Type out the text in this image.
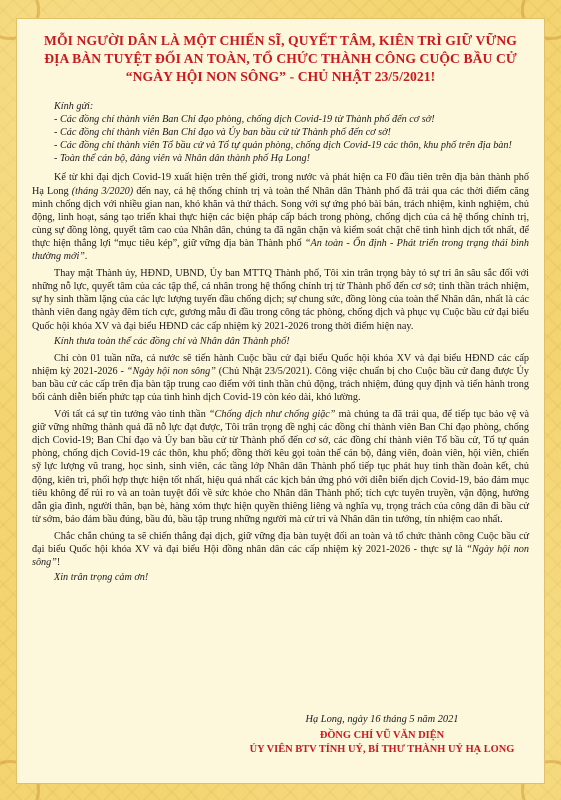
MỖI NGƯỜI DÂN LÀ MỘT CHIẾN SĨ, QUYẾT TÂM, KIÊN TRÌ GIỮ VỮNG
ĐỊA BÀN TUYỆT ĐỐI AN TOÀN, TỔ CHỨC THÀNH CÔNG CUỘC BẦU CỬ
“NGÀY HỘI NON SÔNG” - CHỦ NHẬT 23/5/2021!
Kính gửi:
- Các đồng chí thành viên Ban Chỉ đạo phòng, chống dịch Covid-19 từ Thành phố đến cơ sở!
- Các đồng chí thành viên Ban Chỉ đạo và Ủy ban bầu cử từ Thành phố đến cơ sở!
- Các đồng chí thành viên Tổ bầu cử và Tổ tự quản phòng, chống dịch Covid-19 các thôn, khu phố trên địa bàn!
- Toàn thể cán bộ, đảng viên và Nhân dân thành phố Hạ Long!
Kể từ khi đại dịch Covid-19 xuất hiện trên thế giới, trong nước và phát hiện ca F0 đầu tiên trên địa bàn thành phố Hạ Long (tháng 3/2020) đến nay, cả hệ thống chính trị và toàn thể Nhân dân Thành phố đã trải qua các thời điểm căng mình chống dịch với nhiều gian nan, khó khăn và thử thách. Song với sự ứng phó bài bản, trách nhiệm, kinh nghiệm, chủ động, linh hoạt, sáng tạo triển khai thực hiện các biện pháp cấp bách trong phòng, chống dịch của cả hệ thống chính trị, cùng sự đồng lòng, quyết tâm cao của Nhân dân, chúng ta đã ngăn chặn và kiểm soát chặt chẽ tình hình dịch tốt nhất, để thực hiện thắng lợi “mục tiêu kép”, giữ vững địa bàn Thành phố “An toàn - Ổn định - Phát triển trong trạng thái bình thường mới”.
Thay mặt Thành ủy, HĐND, UBND, Ủy ban MTTQ Thành phố, Tôi xin trân trọng bày tỏ sự tri ân sâu sắc đối với những nỗ lực, quyết tâm của các tập thể, cá nhân trong hệ thống chính trị từ Thành phố đến cơ sở; tinh thần trách nhiệm, sự hy sinh thầm lặng của các lực lượng tuyến đầu chống dịch; sự chung sức, đồng lòng của toàn thể Nhân dân, nhất là các thành viên đang ngày đêm tích cực, gương mẫu đi đầu trong công tác phòng, chống dịch và phục vụ Cuộc bầu cử đại biểu Quốc hội khóa XV và đại biểu HĐND các cấp nhiệm kỳ 2021-2026 trong thời điểm hiện nay.
Kính thưa toàn thể các đồng chí và Nhân dân Thành phố!
Chỉ còn 01 tuần nữa, cả nước sẽ tiến hành Cuộc bầu cử đại biểu Quốc hội khóa XV và đại biểu HĐND các cấp nhiệm kỳ 2021-2026 - “Ngày hội non sông” (Chủ Nhật 23/5/2021). Công việc chuẩn bị cho Cuộc bầu cử đang được Ủy ban bầu cử các cấp trên địa bàn tập trung cao điểm với tinh thần chủ động, trách nhiệm, đúng quy định và tiến hành trong bối cảnh diễn biến phức tạp của tình hình dịch Covid-19 còn kéo dài, khó lường.
Với tất cả sự tin tưởng vào tinh thần “Chống dịch như chống giặc” mà chúng ta đã trải qua, để tiếp tục bảo vệ và giữ vững những thành quả đã nỗ lực đạt được, Tôi trân trọng đề nghị các đồng chí thành viên Ban Chỉ đạo phòng, chống dịch Covid-19; Ban Chỉ đạo và Ủy ban bầu cử từ Thành phố đến cơ sở, các đồng chí thành viên Tổ bầu cử, Tổ tự quản phòng, chống dịch Covid-19 các thôn, khu phố; đồng thời kêu gọi toàn thể cán bộ, đảng viên, đoàn viên, hội viên, chiến sỹ lực lượng vũ trang, học sinh, sinh viên, các tầng lớp Nhân dân Thành phố tiếp tục phát huy tinh thần đoàn kết, chủ động, kiên trì, phối hợp thực hiện tốt nhất, hiệu quả nhất các kịch bản ứng phó với diễn biến dịch Covid-19, bảo đảm mục tiêu không để rủi ro và an toàn tuyệt đối về sức khỏe cho Nhân dân Thành phố; tích cực tuyên truyền, vận động, hướng dẫn gia đình, người thân, bạn bè, hàng xóm thực hiện quyền thiêng liêng và nghĩa vụ, trọng trách của công dân đi bầu cử từ sớm, bảo đảm bầu đúng, bầu đủ, bầu tập trung những người mà cử tri và Nhân dân tin tưởng, tín nhiệm cao nhất.
Chắc chắn chúng ta sẽ chiến thắng đại dịch, giữ vững địa bàn tuyệt đối an toàn và tổ chức thành công Cuộc bầu cử đại biểu Quốc hội khóa XV và đại biểu Hội đồng nhân dân các cấp nhiệm kỳ 2021-2026 - thực sự là “Ngày hội non sông”!
Xin trân trọng cảm ơn!
Hạ Long, ngày 16 tháng 5 năm 2021
ĐỒNG CHÍ VŨ VĂN DIỆN
ỦY VIÊN BTV TỈNH UỶ, BÍ THƯ THÀNH UỶ HẠ LONG
